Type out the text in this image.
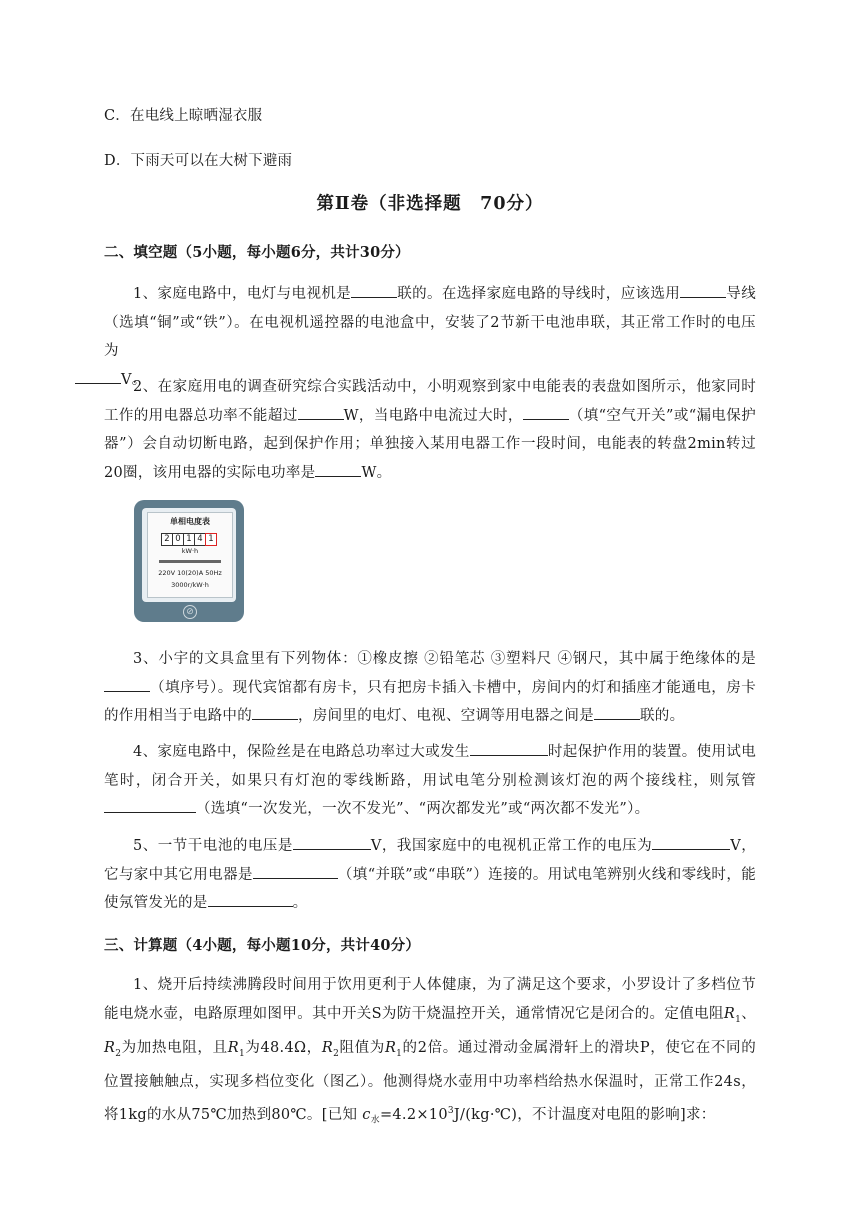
C．在电线上晾晒湿衣服
D．下雨天可以在大树下避雨
第Ⅱ卷（非选择题　70分）
二、填空题（5小题，每小题6分，共计30分）
1、家庭电路中，电灯与电视机是	联的。在选择家庭电路的导线时，应该选用	导线（选填“铜”或“铁”）。在电视机遥控器的电池盒中，安装了2节新干电池串联，其正常工作时的电压为
V。
2、在家庭用电的调查研究综合实践活动中，小明观察到家中电能表的表盘如图所示，他家同时工作的用电器总功率不能超过	W，当电路中电流过大时，	（填“空气开关”或“漏电保护器”）会自动切断电路，起到保护作用；单独接入某用电器工作一段时间，电能表的转盘2min转过20圈，该用电器的实际电功率是	W。
单相电度表
2 0 1 4 1
kW·h
220V 10(20)A 50Hz
3000r/kW·h
⊘
3、小宇的文具盒里有下列物体：①橡皮擦 ②铅笔芯 ③塑料尺 ④钢尺，其中属于绝缘体的是（填序号）。现代宾馆都有房卡，只有把房卡插入卡槽中，房间内的灯和插座才能通电，房卡的作用相当于电路中的	，房间里的电灯、电视、空调等用电器之间是	联的。
4、家庭电路中，保险丝是在电路总功率过大或发生	时起保护作用的装置。使用试电笔时，闭合开关，如果只有灯泡的零线断路，用试电笔分别检测该灯泡的两个接线柱，则氖管（选填“一次发光，一次不发光”、“两次都发光”或“两次都不发光”）。
5、一节干电池的电压是	V，我国家庭中的电视机正常工作的电压为	V，它与家中其它用电器是	（填“并联”或“串联”）连接的。用试电笔辨别火线和零线时，能使氖管发光的是	。
三、计算题（4小题，每小题10分，共计40分）
1、烧开后持续沸腾段时间用于饮用更利于人体健康，为了满足这个要求，小罗设计了多档位节能电烧水壶，电路原理如图甲。其中开关S为防干烧温控开关，通常情况它是闭合的。定值电阻$R_1$、$R_2$为加热电阻，且$R_1$为48.4Ω，$R_2$阻值为$R_1$的2倍。通过滑动金属滑轩上的滑块P，使它在不同的位置接触触点，实现多档位变化（图乙）。他测得烧水壶用中功率档给热水保温时，正常工作24s，将1kg的水从75℃加热到80℃。[已知 $c_水=4.2\times 10^3J/(kg\cdot℃)$，不计温度对电阻的影响]求：
